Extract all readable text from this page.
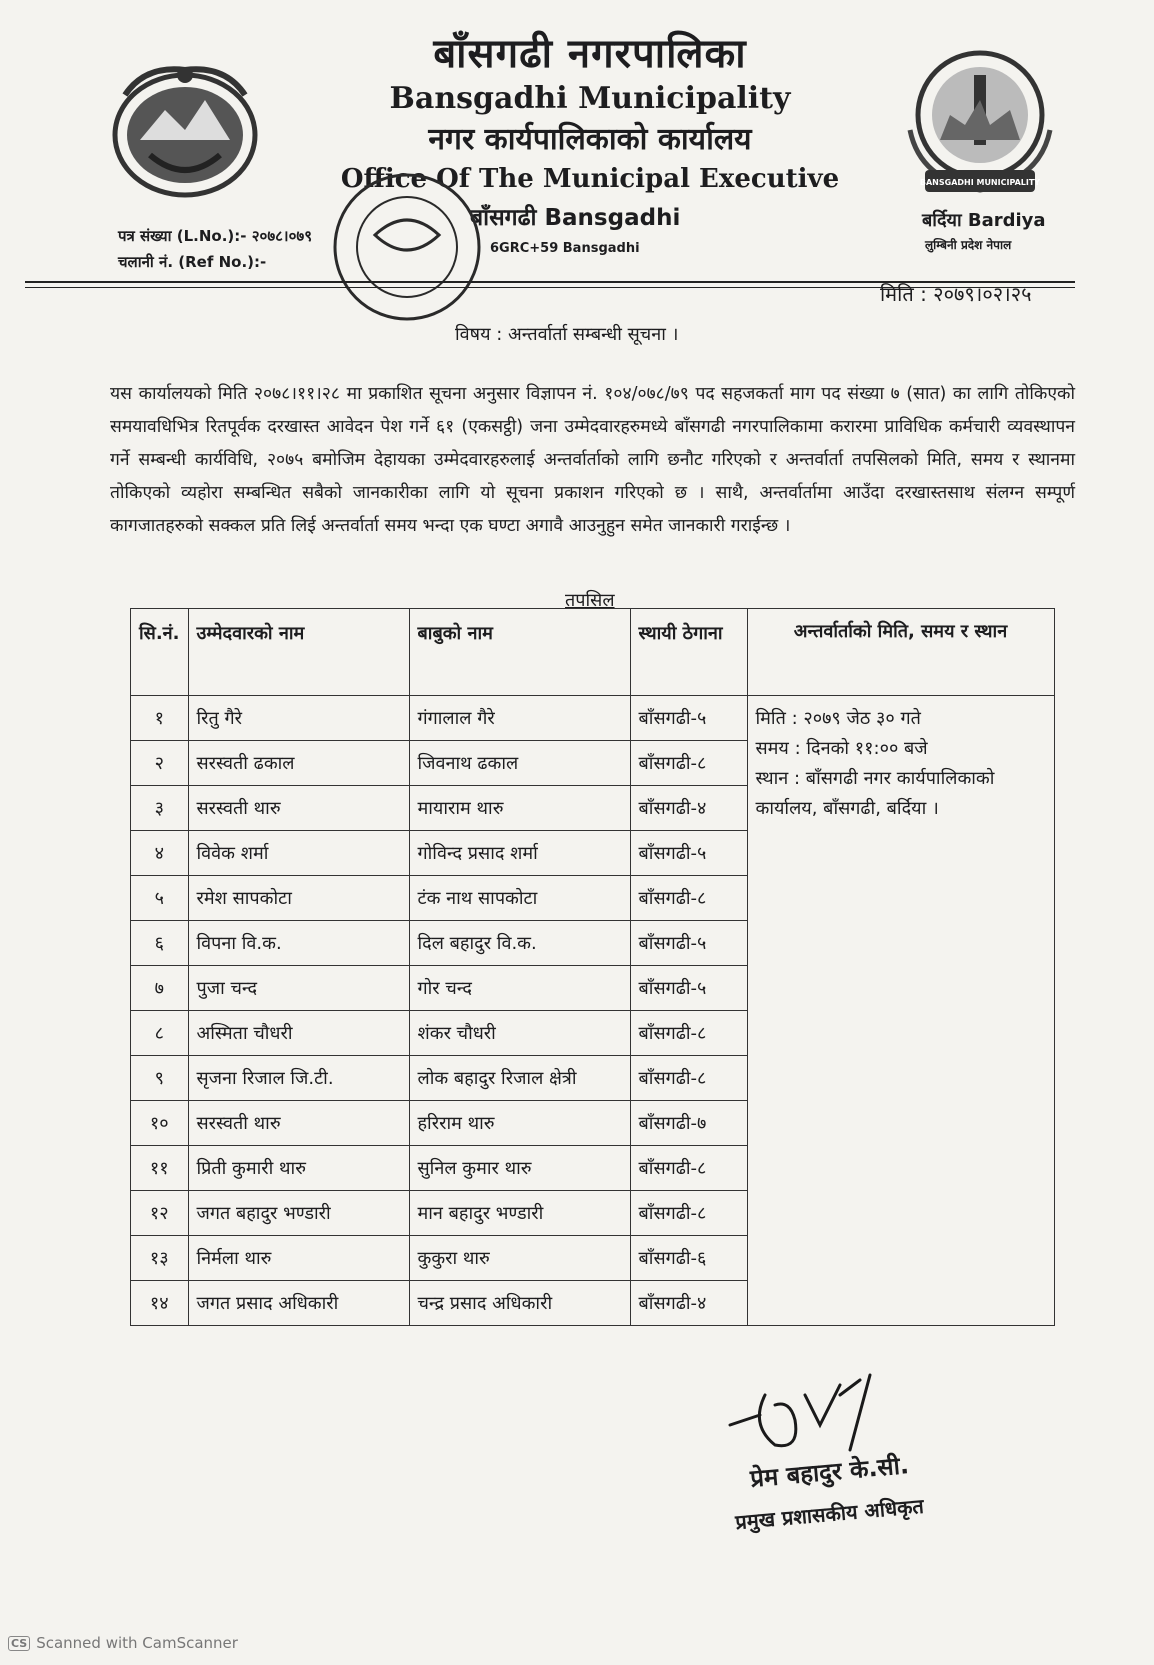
BANSGADHI MUNICIPALITY

बाँसगढी नगरपालिका

Bansgadhi Municipality

नगर कार्यपालिकाको कार्यालय

Office Of The Municipal Executive

बाँसगढी Bansgadhi
6GRC+59 Bansgadhi
बर्दिया Bardiya
लुम्बिनी प्रदेश नेपाल
पत्र संख्या (L.No.):- २०७८।०७९
चलानी नं. (Ref No.):-
मिति : २०७९।०२।२५
विषय : अन्तर्वार्ता सम्बन्धी सूचना ।
यस कार्यालयको मिति २०७८।११।२८ मा प्रकाशित सूचना अनुसार विज्ञापन नं. १०४/०७८/७९ पद सहजकर्ता माग पद संख्या ७ (सात) का लागि तोकिएको समयावधिभित्र रितपूर्वक दरखास्त आवेदन पेश गर्ने ६१ (एकसट्ठी) जना उम्मेदवारहरुमध्ये बाँसगढी नगरपालिकामा करारमा प्राविधिक कर्मचारी व्यवस्थापन गर्ने सम्बन्धी कार्यविधि, २०७५ बमोजिम देहायका उम्मेदवारहरुलाई अन्तर्वार्ताको लागि छनौट गरिएको र अन्तर्वार्ता तपसिलको मिति, समय र स्थानमा तोकिएको व्यहोरा सम्बन्धित सबैको जानकारीका लागि यो सूचना प्रकाशन गरिएको छ । साथै, अन्तर्वार्तामा आउँदा दरखास्तसाथ संलग्न सम्पूर्ण कागजातहरुको सक्कल प्रति लिई अन्तर्वार्ता समय भन्दा एक घण्टा अगावै आउनुहुन समेत जानकारी गराईन्छ ।
तपसिल
सि.नं.	उम्मेदवारको नाम	बाबुको नाम	स्थायी ठेगाना	अन्तर्वार्ताको मिति, समय र स्थान
१	रितु गैरे	गंगालाल गैरे	बाँसगढी-५	मिति : २०७९ जेठ ३० गते
समय : दिनको ११:०० बजे
स्थान : बाँसगढी नगर कार्यपालिकाको कार्यालय, बाँसगढी, बर्दिया ।

२	सरस्वती ढकाल	जिवनाथ ढकाल	बाँसगढी-८	
३	सरस्वती थारु	मायाराम थारु	बाँसगढी-४	
४	विवेक शर्मा	गोविन्द प्रसाद शर्मा	बाँसगढी-५	
५	रमेश सापकोटा	टंक नाथ सापकोटा	बाँसगढी-८	
६	विपना वि.क.	दिल बहादुर वि.क.	बाँसगढी-५	
७	पुजा चन्द	गोर चन्द	बाँसगढी-५	
८	अस्मिता चौधरी	शंकर चौधरी	बाँसगढी-८	
९	सृजना रिजाल जि.टी.	लोक बहादुर रिजाल क्षेत्री	बाँसगढी-८	
१०	सरस्वती थारु	हरिराम थारु	बाँसगढी-७	
११	प्रिती कुमारी थारु	सुनिल कुमार थारु	बाँसगढी-८	
१२	जगत बहादुर भण्डारी	मान बहादुर भण्डारी	बाँसगढी-८	
१३	निर्मला थारु	कुकुरा थारु	बाँसगढी-६	
१४	जगत प्रसाद अधिकारी	चन्द्र प्रसाद अधिकारी	बाँसगढी-४	
प्रेम बहादुर के.सी.
प्रमुख प्रशासकीय अधिकृत
CS Scanned with CamScanner
